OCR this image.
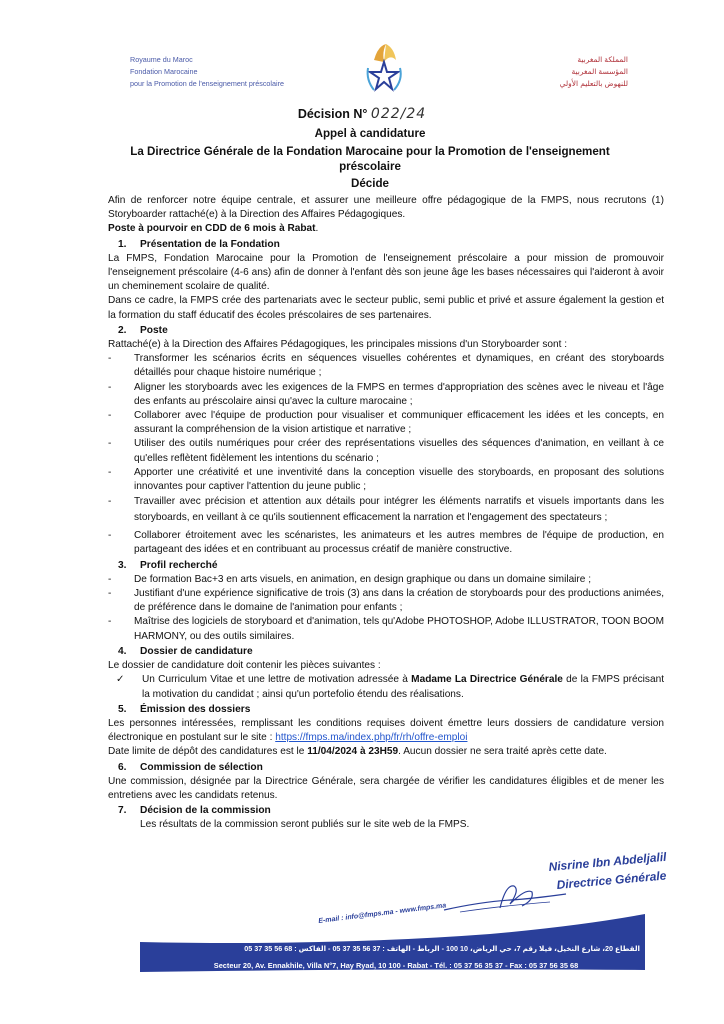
Royaume du Maroc
Fondation Marocaine
pour la Promotion de l'enseignement préscolaire
المملكة المغربية
المؤسسة المغربية
للنهوض بالتعليم الأولي
Décision N° 022/24
Appel à candidature
La Directrice Générale de la Fondation Marocaine pour la Promotion de l'enseignement préscolaire
Décide

Afin de renforcer notre équipe centrale, et assurer une meilleure offre pédagogique de la FMPS, nous recrutons (1) Storyboarder rattaché(e) à la Direction des Affaires Pédagogiques.
Poste à pourvoir en CDD de 6 mois à Rabat.

1. Présentation de la Fondation

La FMPS, Fondation Marocaine pour la Promotion de l'enseignement préscolaire a pour mission de promouvoir l'enseignement préscolaire (4-6 ans) afin de donner à l'enfant dès son jeune âge les bases nécessaires qui l'aideront à avoir un cheminement scolaire de qualité.

Dans ce cadre, la FMPS crée des partenariats avec le secteur public, semi public et privé et assure également la gestion et la formation du staff éducatif des écoles préscolaires de ses partenaires.

2. Poste

Rattaché(e) à la Direction des Affaires Pédagogiques, les principales missions d'un Storyboarder sont :

-	Transformer les scénarios écrits en séquences visuelles cohérentes et dynamiques, en créant des storyboards détaillés pour chaque histoire numérique ;
-	Aligner les storyboards avec les exigences de la FMPS en termes d'appropriation des scènes avec le niveau et l'âge des enfants au préscolaire ainsi qu'avec la culture marocaine ;
-	Collaborer avec l'équipe de production pour visualiser et communiquer efficacement les idées et les concepts, en assurant la compréhension de la vision artistique et narrative ;
-	Utiliser des outils numériques pour créer des représentations visuelles des séquences d'animation, en veillant à ce qu'elles reflètent fidèlement les intentions du scénario ;
-	Apporter une créativité et une inventivité dans la conception visuelle des storyboards, en proposant des solutions innovantes pour captiver l'attention du jeune public ;
-	Travailler avec précision et attention aux détails pour intégrer les éléments narratifs et visuels importants dans les storyboards, en veillant à ce qu'ils soutiennent efficacement la narration et l'engagement des spectateurs ;
-	Collaborer étroitement avec les scénaristes, les animateurs et les autres membres de l'équipe de production, en partageant des idées et en contribuant au processus créatif de manière constructive.
3. Profil recherché
-	De formation Bac+3 en arts visuels, en animation, en design graphique ou dans un domaine similaire ;
-	Justifiant d'une expérience significative de trois (3) ans dans la création de storyboards pour des productions animées, de préférence dans le domaine de l'animation pour enfants ;
-	Maîtrise des logiciels de storyboard et d'animation, tels qu'Adobe PHOTOSHOP, Adobe ILLUSTRATOR, TOON BOOM HARMONY, ou des outils similaires.
4. Dossier de candidature

Le dossier de candidature doit contenir les pièces suivantes :

✓ Un Curriculum Vitae et une lettre de motivation adressée à Madame La Directrice Générale de la FMPS précisant la motivation du candidat ; ainsi qu'un portefolio étendu des réalisations.
5. Émission des dossiers

Les personnes intéressées, remplissant les conditions requises doivent émettre leurs dossiers de candidature version électronique en postulant sur le site : https://fmps.ma/index.php/fr/rh/offre-emploi

Date limite de dépôt des candidatures est le 11/04/2024 à 23H59. Aucun dossier ne sera traité après cette date.

6. Commission de sélection

Une commission, désignée par la Directrice Générale, sera chargée de vérifier les candidatures éligibles et de mener les entretiens avec les candidats retenus.

7. Décision de la commission

Les résultats de la commission seront publiés sur le site web de la FMPS.

Nisrine Ibn Abdeljalil
Directrice Générale
E-mail : info@fmps.ma - www.fmps.ma
القطاع 20، شارع النخيل، فيلا رقم 7، حي الرياض، 10 100 - الرباط - الهاتف : 37 56 35 37 05 - الفاكس : 68 56 35 37 05
Secteur 20, Av. Ennakhile, Villa N°7, Hay Ryad, 10 100 - Rabat - Tél. : 05 37 56 35 37 - Fax : 05 37 56 35 68
